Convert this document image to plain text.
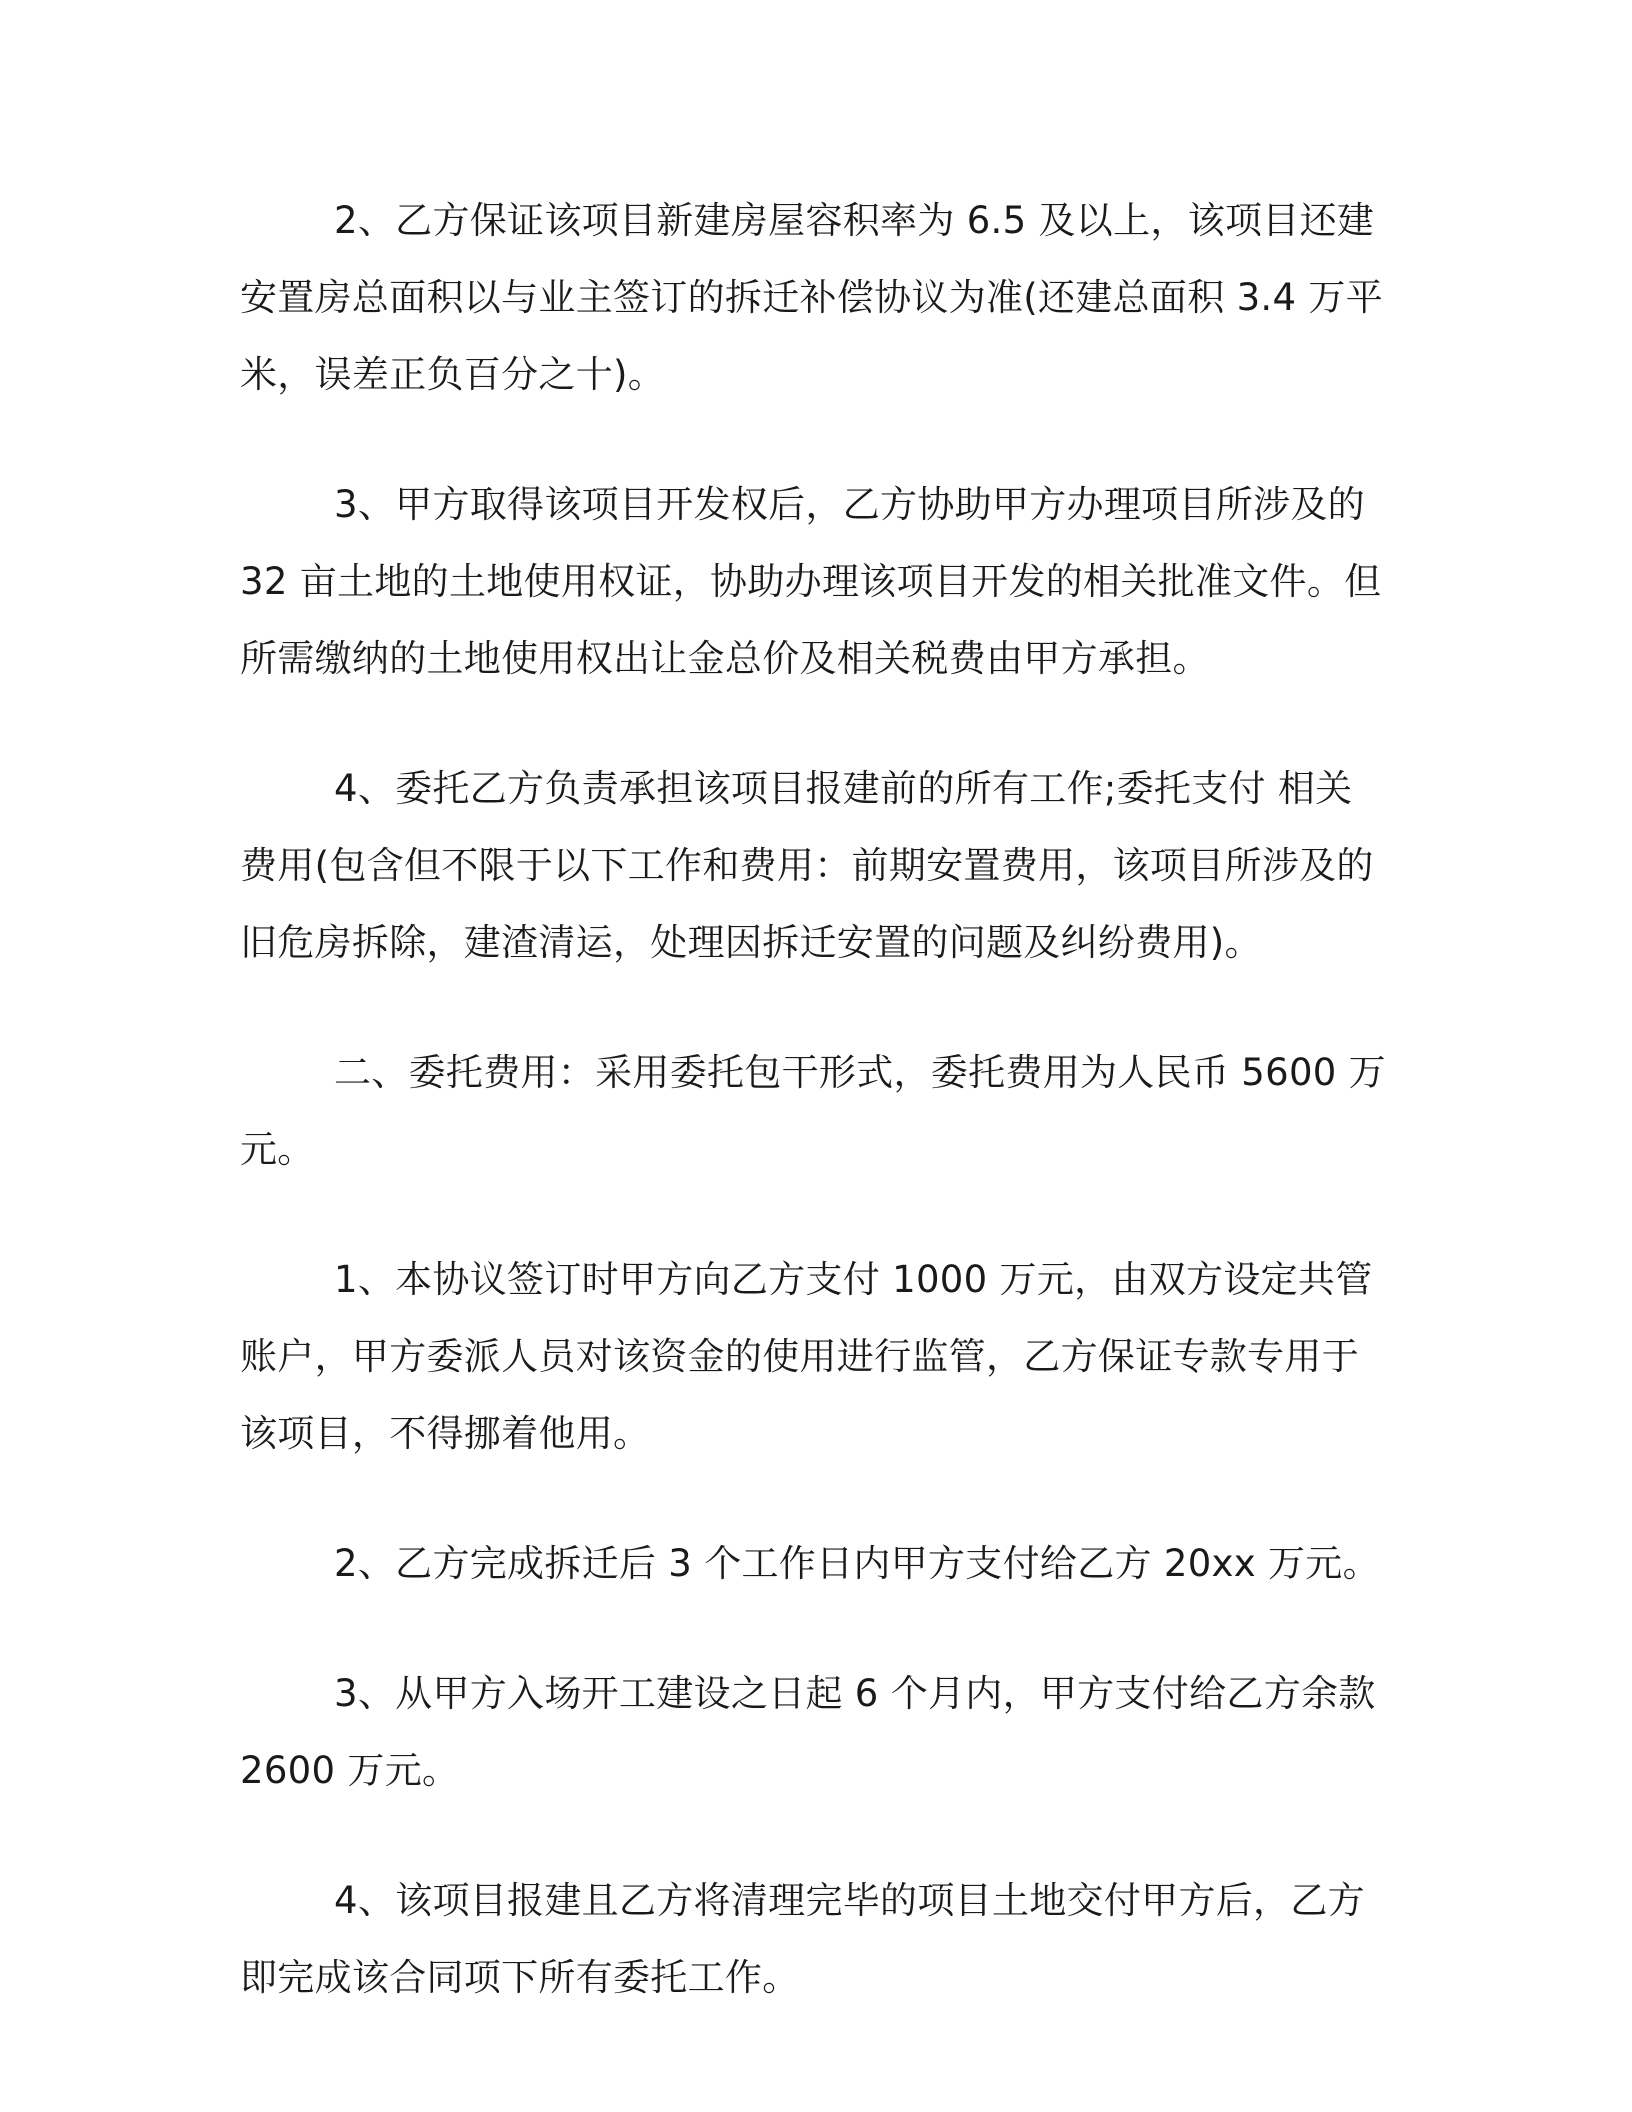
2、乙方保证该项目新建房屋容积率为 6.5 及以上，该项目还建安置房总面积以与业主签订的拆迁补偿协议为准(还建总面积 3.4 万平米，误差正负百分之十)。

3、甲方取得该项目开发权后，乙方协助甲方办理项目所涉及的 32 亩土地的土地使用权证，协助办理该项目开发的相关批准文件。但所需缴纳的土地使用权出让金总价及相关税费由甲方承担。

4、委托乙方负责承担该项目报建前的所有工作;委托支付 相关费用(包含但不限于以下工作和费用：前期安置费用，该项目所涉及的旧危房拆除，建渣清运，处理因拆迁安置的问题及纠纷费用)。

二、委托费用：采用委托包干形式，委托费用为人民币 5600 万元。

1、本协议签订时甲方向乙方支付 1000 万元，由双方设定共管账户，甲方委派人员对该资金的使用进行监管，乙方保证专款专用于该项目，不得挪着他用。

2、乙方完成拆迁后 3 个工作日内甲方支付给乙方 20xx 万元。

3、从甲方入场开工建设之日起 6 个月内，甲方支付给乙方余款 2600 万元。

4、该项目报建且乙方将清理完毕的项目土地交付甲方后，乙方即完成该合同项下所有委托工作。
